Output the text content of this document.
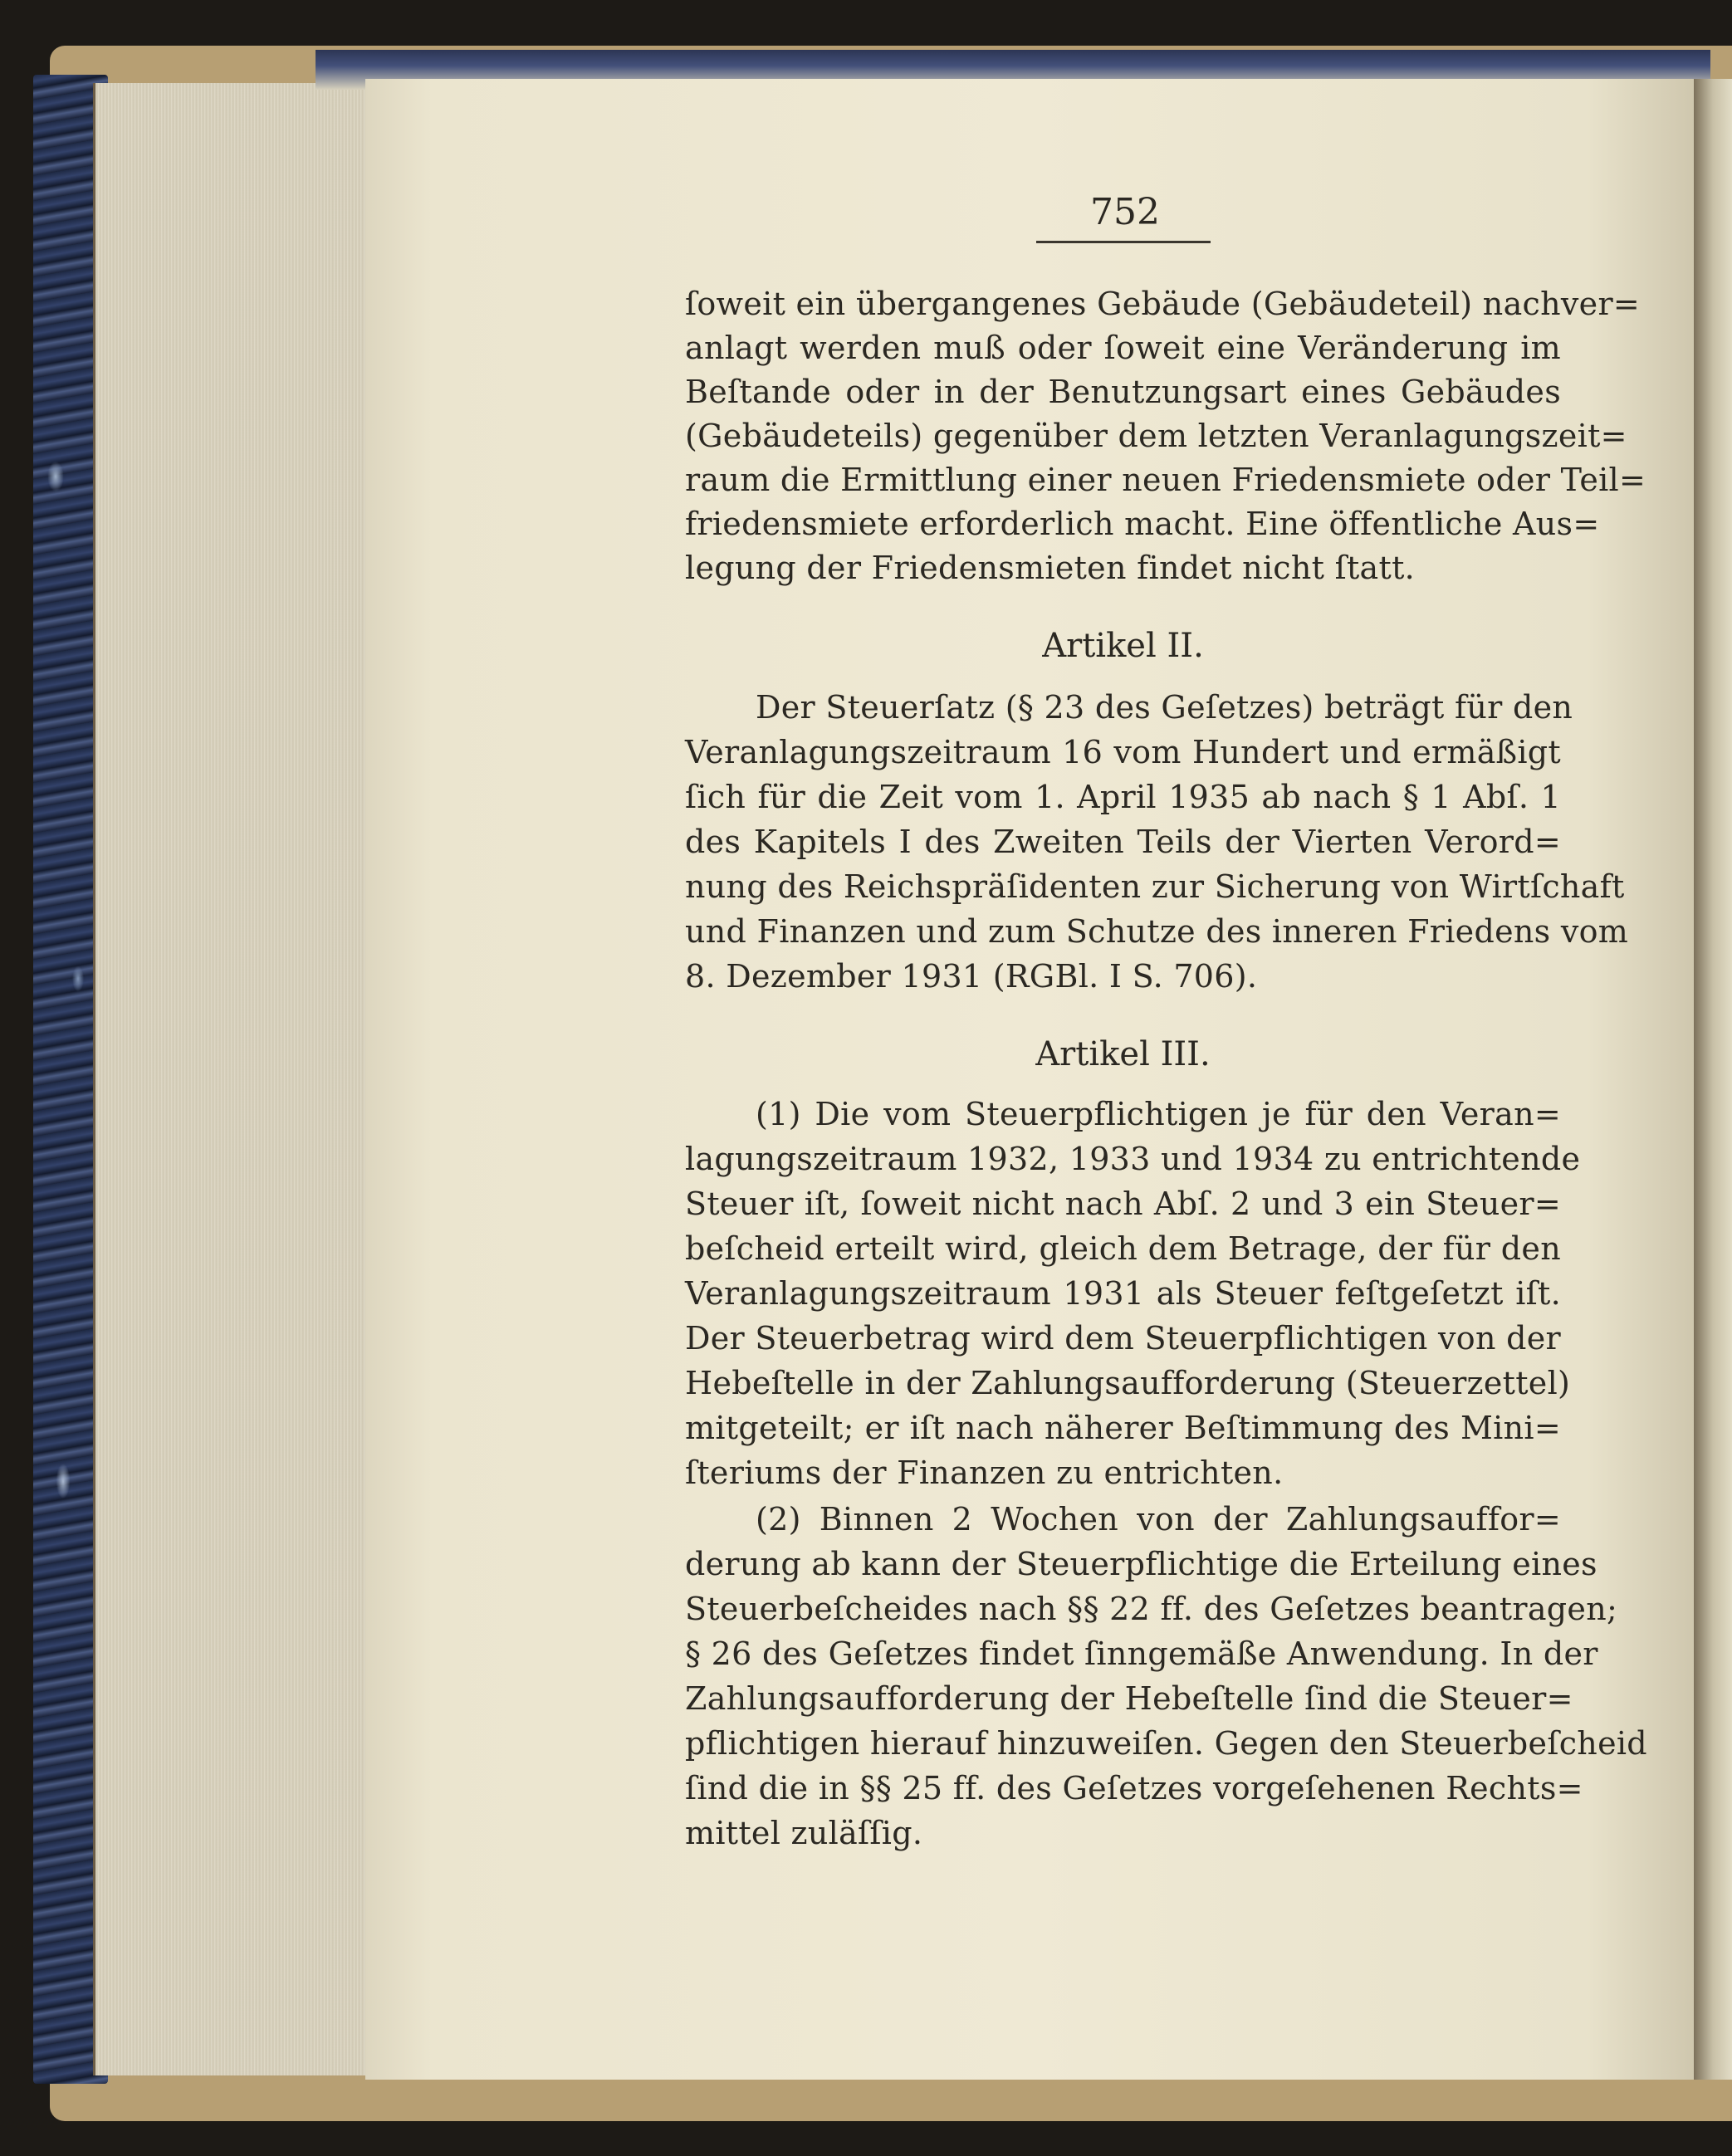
752
ſoweit ein übergangenes Gebäude (Gebäudeteil) nachver=
anlagt werden muß oder ſoweit eine Veränderung im
Beſtande oder in der Benutzungsart eines Gebäudes
(Gebäudeteils) gegenüber dem letzten Veranlagungszeit=
raum die Ermittlung einer neuen Friedensmiete oder Teil=
friedensmiete erforderlich macht. Eine öffentliche Aus=
legung der Friedensmieten findet nicht ſtatt.
Artikel II.
Der Steuerſatz (§ 23 des Geſetzes) beträgt für den
Veranlagungszeitraum 16 vom Hundert und ermäßigt
ſich für die Zeit vom 1. April 1935 ab nach § 1 Abſ. 1
des Kapitels I des Zweiten Teils der Vierten Verord=
nung des Reichspräſidenten zur Sicherung von Wirtſchaft
und Finanzen und zum Schutze des inneren Friedens vom
8. Dezember 1931 (RGBl. I S. 706).
Artikel III.
(1) Die vom Steuerpflichtigen je für den Veran=
lagungszeitraum 1932, 1933 und 1934 zu entrichtende
Steuer iſt, ſoweit nicht nach Abſ. 2 und 3 ein Steuer=
beſcheid erteilt wird, gleich dem Betrage, der für den
Veranlagungszeitraum 1931 als Steuer feſtgeſetzt iſt.
Der Steuerbetrag wird dem Steuerpflichtigen von der
Hebeſtelle in der Zahlungsaufforderung (Steuerzettel)
mitgeteilt; er iſt nach näherer Beſtimmung des Mini=
ſteriums der Finanzen zu entrichten.
(2) Binnen 2 Wochen von der Zahlungsauffor=
derung ab kann der Steuerpflichtige die Erteilung eines
Steuerbeſcheides nach §§ 22 ff. des Geſetzes beantragen;
§ 26 des Geſetzes findet ſinngemäße Anwendung. In der
Zahlungsaufforderung der Hebeſtelle ſind die Steuer=
pflichtigen hierauf hinzuweiſen. Gegen den Steuerbeſcheid
ſind die in §§ 25 ff. des Geſetzes vorgeſehenen Rechts=
mittel zuläſſig.
